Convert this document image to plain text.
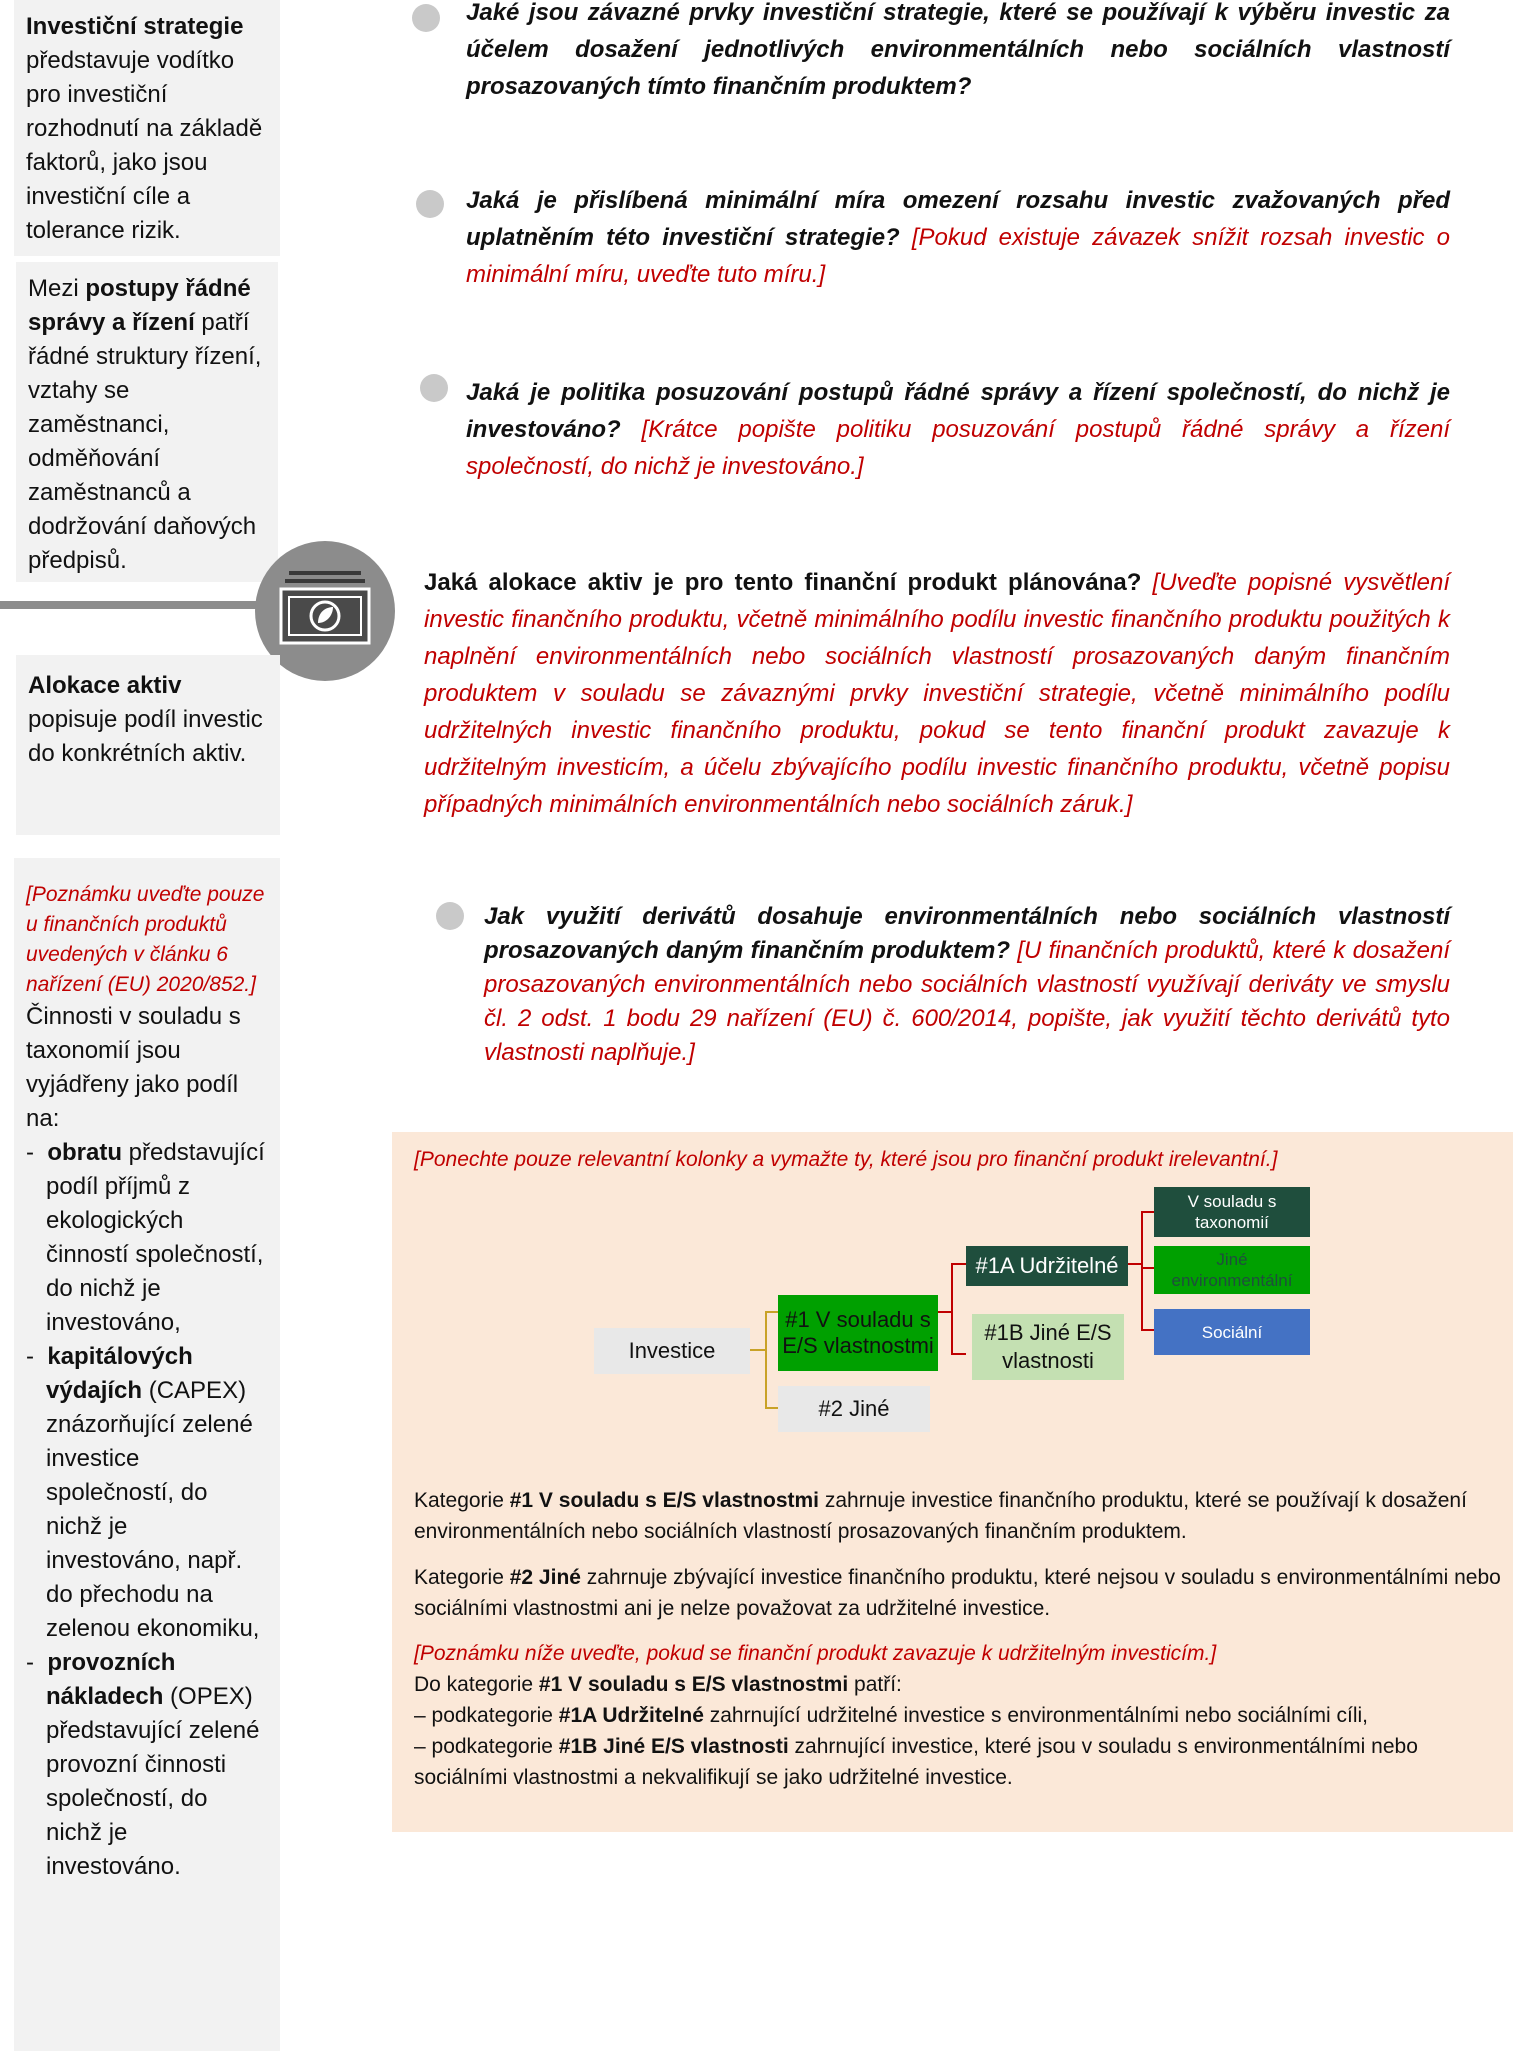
Investiční strategie
představuje vodítko pro investiční rozhodnutí na základě faktorů, jako jsou investiční cíle a tolerance rizik.
Mezi postupy řádné správy a řízení patří řádné struktury řízení, vztahy se zaměstnanci, odměňování zaměstnanců a dodržování daňových předpisů.
Alokace aktiv
popisuje podíl investic do konkrétních aktiv.
[Poznámku uveďte pouze u finančních produktů uvedených v článku 6 nařízení (EU) 2020/852.]
Činnosti v souladu s taxonomií jsou vyjádřeny jako podíl na:
- obratu představující podíl příjmů z ekologických činností společností, do nichž je investováno,
- kapitálových výdajích (CAPEX) znázorňující zelené investice společností, do nichž je investováno, např. do přechodu na zelenou ekonomiku,
- provozních nákladech (OPEX) představující zelené provozní činnosti společností, do nichž je investováno.
Jaké jsou závazné prvky investiční strategie, které se používají k výběru investic za účelem dosažení jednotlivých environmentálních nebo sociálních vlastností prosazovaných tímto finančním produktem?
Jaká je přislíbená minimální míra omezení rozsahu investic zvažovaných před uplatněním této investiční strategie? [Pokud existuje závazek snížit rozsah investic o minimální míru, uveďte tuto míru.]
Jaká je politika posuzování postupů řádné správy a řízení společností, do nichž je investováno? [Krátce popište politiku posuzování postupů řádné správy a řízení společností, do nichž je investováno.]
Jaká alokace aktiv je pro tento finanční produkt plánována? [Uveďte popisné vysvětlení investic finančního produktu, včetně minimálního podílu investic finančního produktu použitých k naplnění environmentálních nebo sociálních vlastností prosazovaných daným finančním produktem v souladu se závaznými prvky investiční strategie, včetně minimálního podílu udržitelných investic finančního produktu, pokud se tento finanční produkt zavazuje k udržitelným investicím, a účelu zbývajícího podílu investic finančního produktu, včetně popisu případných minimálních environmentálních nebo sociálních záruk.]
Jak využití derivátů dosahuje environmentálních nebo sociálních vlastností prosazovaných daným finančním produktem? [U finančních produktů, které k dosažení prosazovaných environmentálních nebo sociálních vlastností využívají deriváty ve smyslu čl. 2 odst. 1 bodu 29 nařízení (EU) č. 600/2014, popište, jak využití těchto derivátů tyto vlastnosti naplňuje.]
[Ponechte pouze relevantní kolonky a vymažte ty, které jsou pro finanční produkt irelevantní.]
Investice
#1 V souladu s E/S vlastnostmi
#2 Jiné
#1A Udržitelné
#1B Jiné E/S vlastnosti
V souladu s taxonomií
Jiné environmentální
Sociální
Kategorie #1 V souladu s E/S vlastnostmi zahrnuje investice finančního produktu, které se používají k dosažení environmentálních nebo sociálních vlastností prosazovaných finančním produktem.
Kategorie #2 Jiné zahrnuje zbývající investice finančního produktu, které nejsou v souladu s environmentálními nebo sociálními vlastnostmi ani je nelze považovat za udržitelné investice.
[Poznámku níže uveďte, pokud se finanční produkt zavazuje k udržitelným investicím.]
Do kategorie #1 V souladu s E/S vlastnostmi patří:
– podkategorie #1A Udržitelné zahrnující udržitelné investice s environmentálními nebo sociálními cíli,
– podkategorie #1B Jiné E/S vlastnosti zahrnující investice, které jsou v souladu s environmentálními nebo sociálními vlastnostmi a nekvalifikují se jako udržitelné investice.
